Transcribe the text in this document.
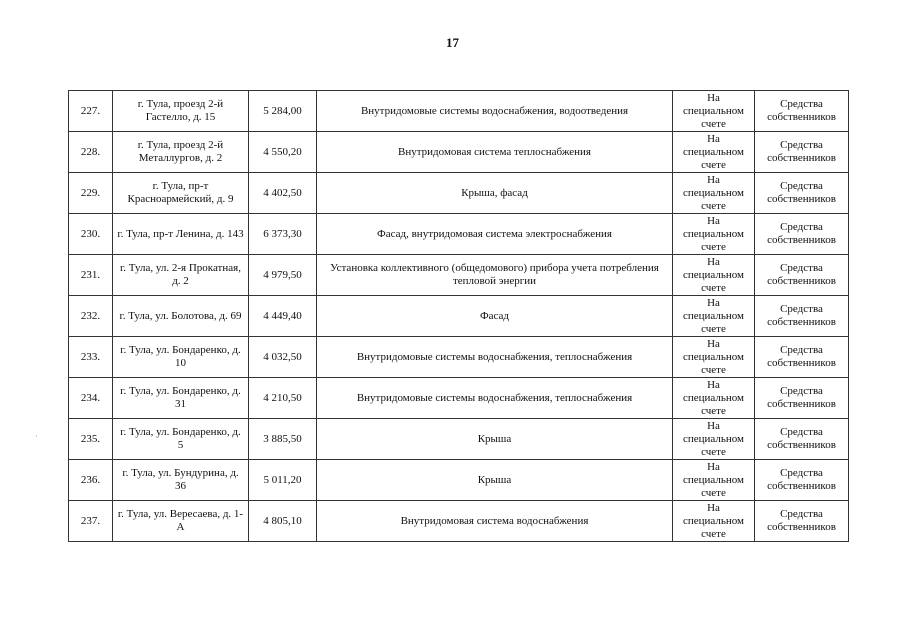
17
227.	г. Тула, проезд 2-й Гастелло, д. 15	5 284,00	Внутридомовые системы водоснабжения, водоотведения	На специальном счете	Средства собственников
228.	г. Тула, проезд 2-й Металлургов, д. 2	4 550,20	Внутридомовая система теплоснабжения	На специальном счете	Средства собственников
229.	г. Тула, пр-т Красноармейский, д. 9	4 402,50	Крыша, фасад	На специальном счете	Средства собственников
230.	г. Тула, пр-т Ленина, д. 143	6 373,30	Фасад, внутридомовая система электроснабжения	На специальном счете	Средства собственников
231.	г. Тула, ул. 2-я Прокатная, д. 2	4 979,50	Установка коллективного (общедомового) прибора учета потребления тепловой энергии	На специальном счете	Средства собственников
232.	г. Тула, ул. Болотова, д. 69	4 449,40	Фасад	На специальном счете	Средства собственников
233.	г. Тула, ул. Бондаренко, д. 10	4 032,50	Внутридомовые системы водоснабжения, теплоснабжения	На специальном счете	Средства собственников
234.	г. Тула, ул. Бондаренко, д. 31	4 210,50	Внутридомовые системы водоснабжения, теплоснабжения	На специальном счете	Средства собственников
235.	г. Тула, ул. Бондаренко, д. 5	3 885,50	Крыша	На специальном счете	Средства собственников
236.	г. Тула, ул. Бундурина, д. 36	5 011,20	Крыша	На специальном счете	Средства собственников
237.	г. Тула, ул. Вересаева, д. 1-А	4 805,10	Внутридомовая система водоснабжения	На специальном счете	Средства собственников
·
